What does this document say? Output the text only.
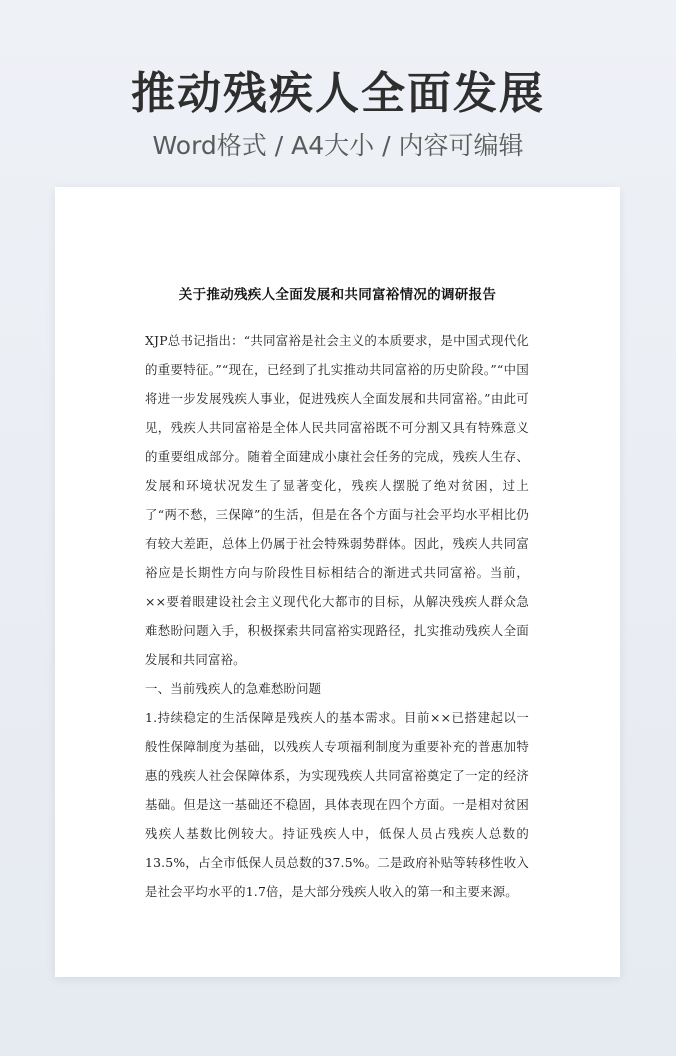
推动残疾人全面发展
Word格式 / A4大小 / 内容可编辑
关于推动残疾人全面发展和共同富裕情况的调研报告

XJP总书记指出：“共同富裕是社会主义的本质要求，是中国式现代化的重要特征。”“现在，已经到了扎实推动共同富裕的历史阶段。”“中国将进一步发展残疾人事业，促进残疾人全面发展和共同富裕。”由此可见，残疾人共同富裕是全体人民共同富裕既不可分割又具有特殊意义的重要组成部分。随着全面建成小康社会任务的完成，残疾人生存、发展和环境状况发生了显著变化，残疾人摆脱了绝对贫困，过上了“两不愁，三保障”的生活，但是在各个方面与社会平均水平相比仍有较大差距，总体上仍属于社会特殊弱势群体。因此，残疾人共同富裕应是长期性方向与阶段性目标相结合的渐进式共同富裕。当前，××要着眼建设社会主义现代化大都市的目标，从解决残疾人群众急难愁盼问题入手，积极探索共同富裕实现路径，扎实推动残疾人全面发展和共同富裕。

一、当前残疾人的急难愁盼问题

1.持续稳定的生活保障是残疾人的基本需求。目前××已搭建起以一般性保障制度为基础，以残疾人专项福利制度为重要补充的普惠加特惠的残疾人社会保障体系，为实现残疾人共同富裕奠定了一定的经济基础。但是这一基础还不稳固，具体表现在四个方面。一是相对贫困残疾人基数比例较大。持证残疾人中，低保人员占残疾人总数的13.5%，占全市低保人员总数的37.5%。二是政府补贴等转移性收入是社会平均水平的1.7倍，是大部分残疾人收入的第一和主要来源。
